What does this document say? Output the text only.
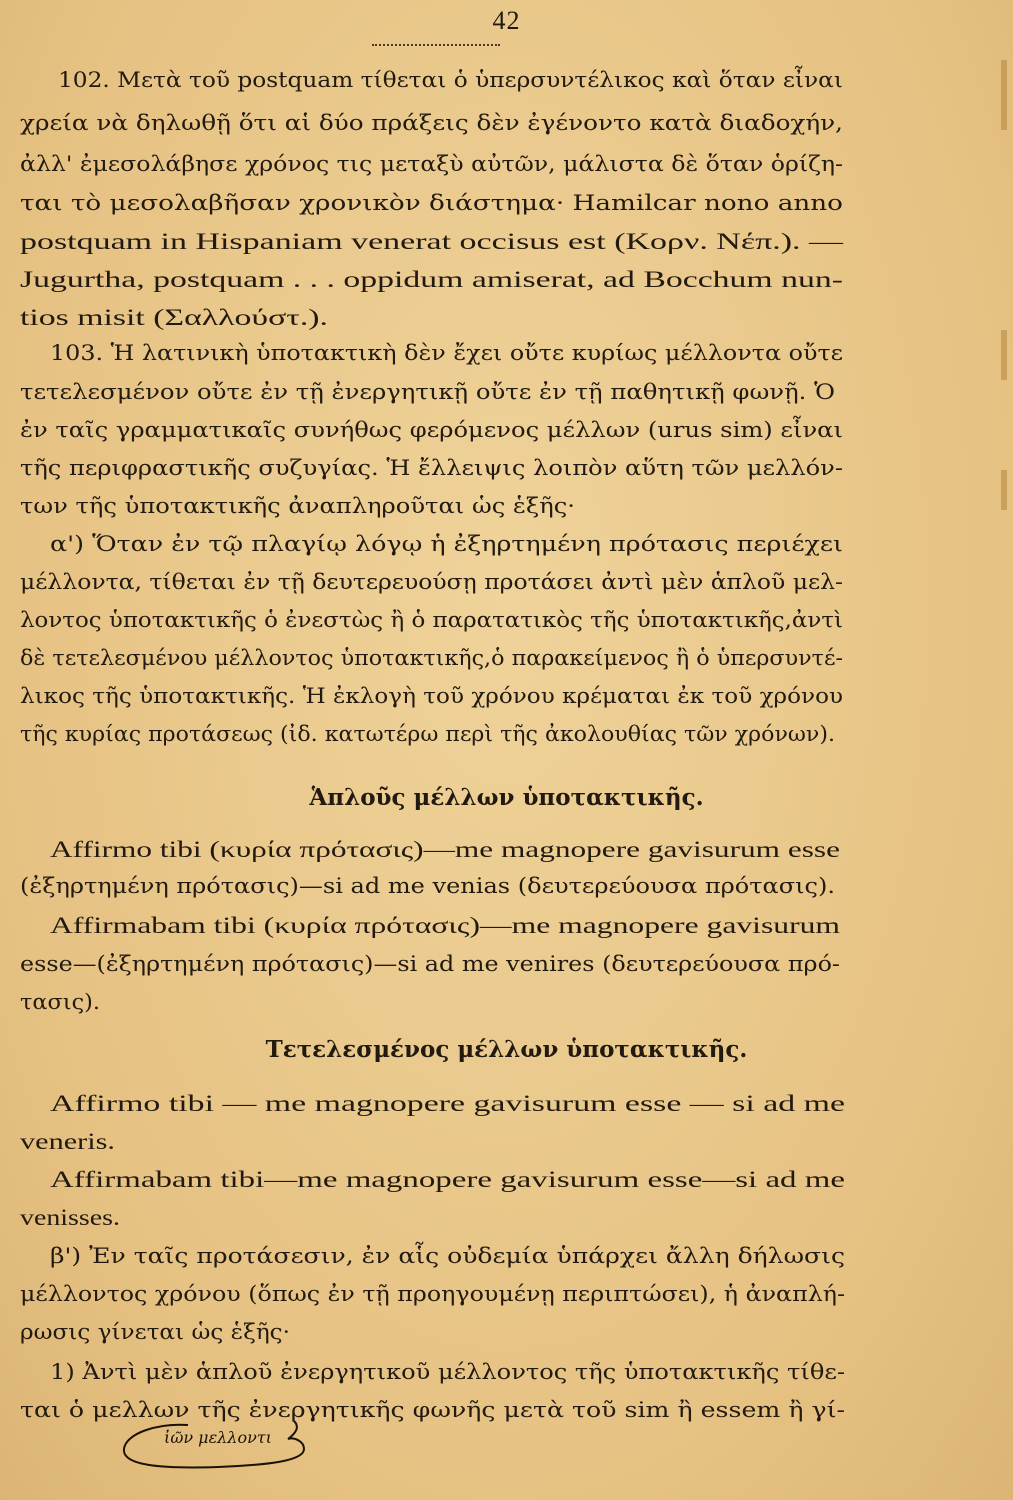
42
102. Μετὰ τοῦ postquam τίθεται ὁ ὑπερσυντέλικος καὶ ὅταν εἶναι
χρεία νὰ δηλωθῇ ὅτι αἱ δύο πράξεις δὲν ἐγένοντο κατὰ διαδοχήν,
ἀλλ' ἐμεσολάβησε χρόνος τις μεταξὺ αὐτῶν, μάλιστα δὲ ὅταν ὁρίζη-
ται τὸ μεσολαβῆσαν χρονικὸν διάστημα· Hamilcar nono anno
postquam in Hispaniam venerat occisus est (Κορν. Νέπ.). —
Jugurtha, postquam . . . oppidum amiserat, ad Bocchum nun-
tios misit (Σαλλούστ.).
103. Ἡ λατινικὴ ὑποτακτικὴ δὲν ἔχει οὔτε κυρίως μέλλοντα οὔτε
τετελεσμένον οὔτε ἐν τῇ ἐνεργητικῇ οὔτε ἐν τῇ παθητικῇ φωνῇ. Ὁ
ἐν ταῖς γραμματικαῖς συνήθως φερόμενος μέλλων (urus sim) εἶναι
τῆς περιφραστικῆς συζυγίας. Ἡ ἔλλειψις λοιπὸν αὕτη τῶν μελλόν-
των τῆς ὑποτακτικῆς ἀναπληροῦται ὡς ἑξῆς·
α') Ὅταν ἐν τῷ πλαγίῳ λόγῳ ἡ ἐξηρτημένη πρότασις περιέχει
μέλλοντα, τίθεται ἐν τῇ δευτερευούσῃ προτάσει ἀντὶ μὲν ἁπλοῦ μελ-
λοντος ὑποτακτικῆς ὁ ἐνεστὼς ἢ ὁ παρατατικὸς τῆς ὑποτακτικῆς,ἀντὶ
δὲ τετελεσμένου μέλλοντος ὑποτακτικῆς,ὁ παρακείμενος ἢ ὁ ὑπερσυντέ-
λικος τῆς ὑποτακτικῆς. Ἡ ἐκλογὴ τοῦ χρόνου κρέμαται ἐκ τοῦ χρόνου
τῆς κυρίας προτάσεως (ἰδ. κατωτέρω περὶ τῆς ἀκολουθίας τῶν χρόνων).
Ἁπλοῦς μέλλων ὑποτακτικῆς.
Affirmo tibi (κυρία πρότασις)—me magnopere gavisurum esse
(ἐξηρτημένη πρότασις)—si ad me venias (δευτερεύουσα πρότασις).
Affirmabam tibi (κυρία πρότασις)—me magnopere gavisurum
esse—(ἐξηρτημένη πρότασις)—si ad me venires (δευτερεύουσα πρό-
τασις).
Τετελεσμένος μέλλων ὑποτακτικῆς.
Affirmo tibi — me magnopere gavisurum esse — si ad me
veneris.
Affirmabam tibi—me magnopere gavisurum esse—si ad me
venisses.
β') Ἐν ταῖς προτάσεσιν, ἐν αἷς οὐδεμία ὑπάρχει ἄλλη δήλωσις
μέλλοντος χρόνου (ὅπως ἐν τῇ προηγουμένῃ περιπτώσει), ἡ ἀναπλή-
ρωσις γίνεται ὡς ἑξῆς·
1) Ἀντὶ μὲν ἁπλοῦ ἐνεργητικοῦ μέλλοντος τῆς ὑποτακτικῆς τίθε-
ται ὁ μελλων τῆς ἐνεργητικῆς φωνῆς μετὰ τοῦ sim ἢ essem ἢ γί-
ἰῶν μελλοντι
